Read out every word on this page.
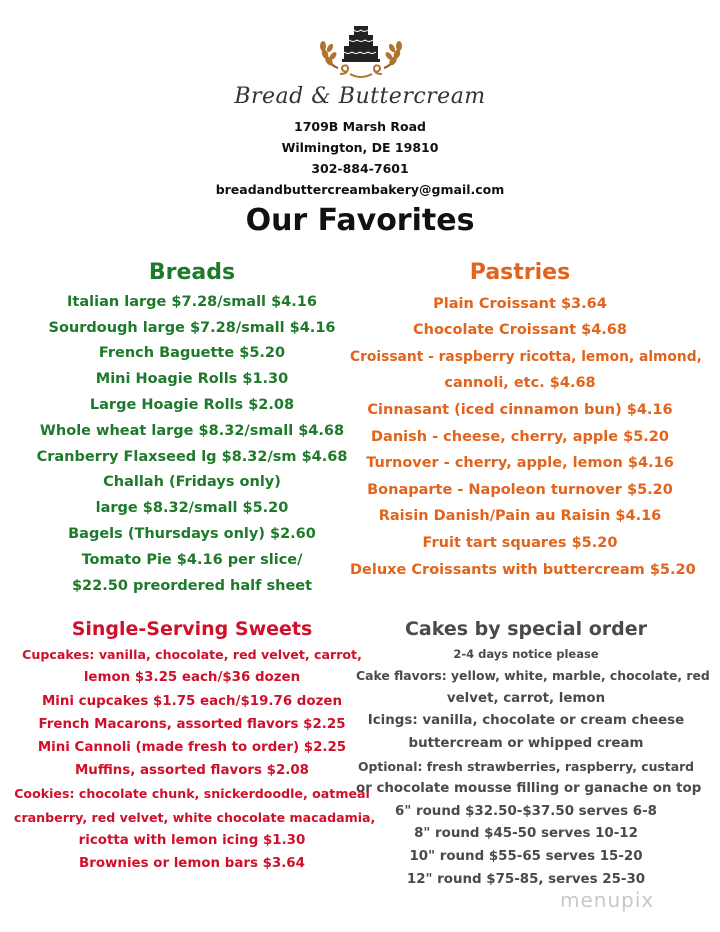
Bread & Buttercream
1709B Marsh Road
Wilmington, DE 19810
302-884-7601
breadandbuttercreambakery@gmail.com
Our Favorites
Breads
Italian large $7.28/small $4.16
Sourdough large $7.28/small $4.16
French Baguette $5.20
Mini Hoagie Rolls $1.30
Large Hoagie Rolls $2.08
Whole wheat large $8.32/small $4.68
Cranberry Flaxseed lg $8.32/sm $4.68
Challah (Fridays only)
large $8.32/small $5.20
Bagels (Thursdays only) $2.60
Tomato Pie $4.16 per slice/
$22.50 preordered half sheet
Pastries
Plain Croissant $3.64
Chocolate Croissant $4.68
Croissant - raspberry ricotta, lemon, almond,
cannoli, etc. $4.68
Cinnasant (iced cinnamon bun) $4.16
Danish - cheese, cherry, apple $5.20
Turnover - cherry, apple, lemon $4.16
Bonaparte - Napoleon turnover $5.20
Raisin Danish/Pain au Raisin $4.16
Fruit tart squares $5.20
Deluxe Croissants with buttercream $5.20
Single-Serving Sweets
Cupcakes: vanilla, chocolate, red velvet, carrot,
lemon $3.25 each/$36 dozen
Mini cupcakes $1.75 each/$19.76 dozen
French Macarons, assorted flavors $2.25
Mini Cannoli (made fresh to order) $2.25
Muffins, assorted flavors $2.08
Cookies: chocolate chunk, snickerdoodle, oatmeal
cranberry, red velvet, white chocolate macadamia,
ricotta with lemon icing $1.30
Brownies or lemon bars $3.64
Cakes by special order
2-4 days notice please
Cake flavors: yellow, white, marble, chocolate, red
velvet, carrot, lemon
Icings: vanilla, chocolate or cream cheese
buttercream or whipped cream
Optional: fresh strawberries, raspberry, custard
or chocolate mousse filling or ganache on top
6" round $32.50-$37.50 serves 6-8
8" round $45-50 serves 10-12
10" round $55-65 serves 15-20
12" round $75-85, serves 25-30
menupix
